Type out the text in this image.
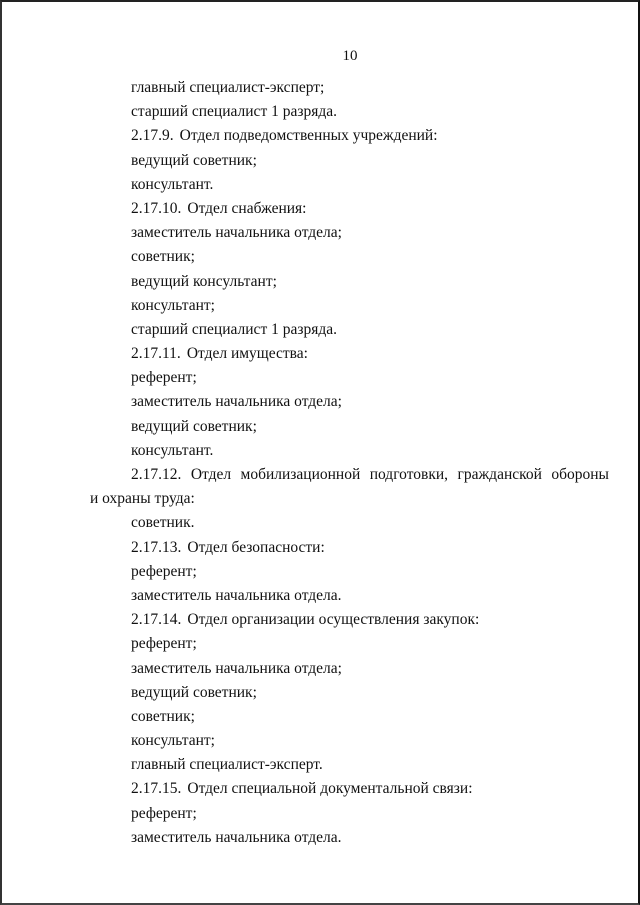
10
главный специалист-эксперт;
старший специалист 1 разряда.
2.17.9. Отдел подведомственных учреждений:
ведущий советник;
консультант.
2.17.10. Отдел снабжения:
заместитель начальника отдела;
советник;
ведущий консультант;
консультант;
старший специалист 1 разряда.
2.17.11. Отдел имущества:
референт;
заместитель начальника отдела;
ведущий советник;
консультант.
2.17.12. Отдел мобилизационной подготовки, гражданской обороны
и охраны труда:
советник.
2.17.13. Отдел безопасности:
референт;
заместитель начальника отдела.
2.17.14. Отдел организации осуществления закупок:
референт;
заместитель начальника отдела;
ведущий советник;
советник;
консультант;
главный специалист-эксперт.
2.17.15. Отдел специальной документальной связи:
референт;
заместитель начальника отдела.
